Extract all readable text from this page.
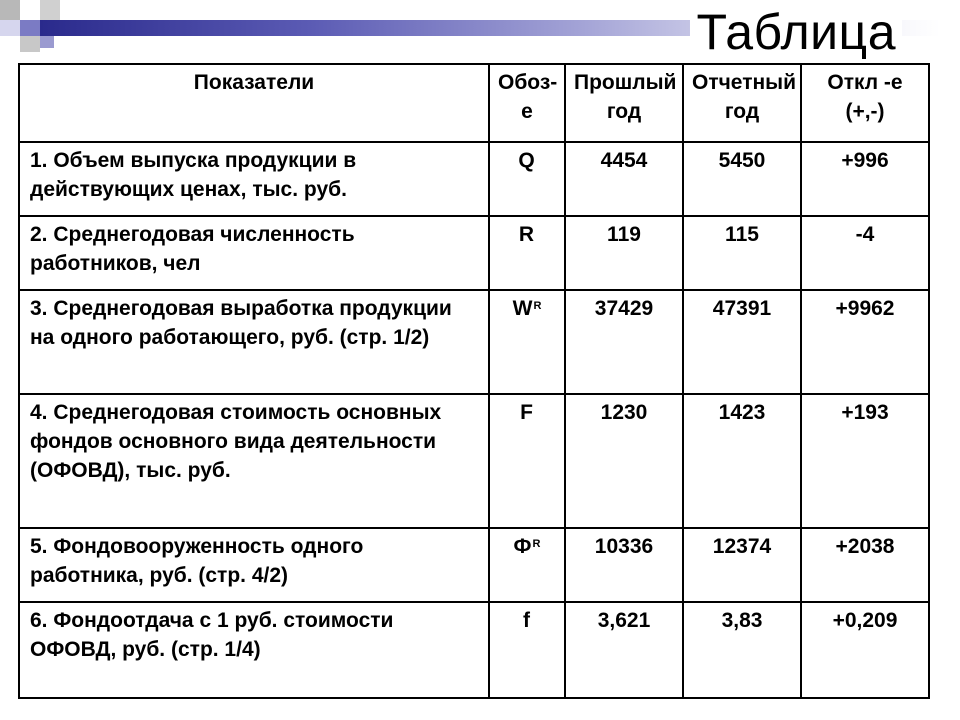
Таблица
Показатели	Обоз-е	Прошлый год	Отчетный год	Откл -е (+,-)
1. Объем выпуска продукции в действующих ценах, тыс. руб.	Q	4454	5450	+996
2. Среднегодовая численность работников, чел	R	119	115	-4
3. Среднегодовая выработка продукции на одного работающего, руб. (стр. 1/2)	$W^R$	37429	47391	+9962
4. Среднегодовая стоимость основных фондов основного вида деятельности (ОФОВД), тыс. руб.	F	1230	1423	+193
5. Фондовооруженность одного работника, руб. (стр. 4/2)	$Ф^R$	10336	12374	+2038
6. Фондоотдача с 1 руб. стоимости ОФОВД, руб. (стр. 1/4)	f	3,621	3,83	+0,209
